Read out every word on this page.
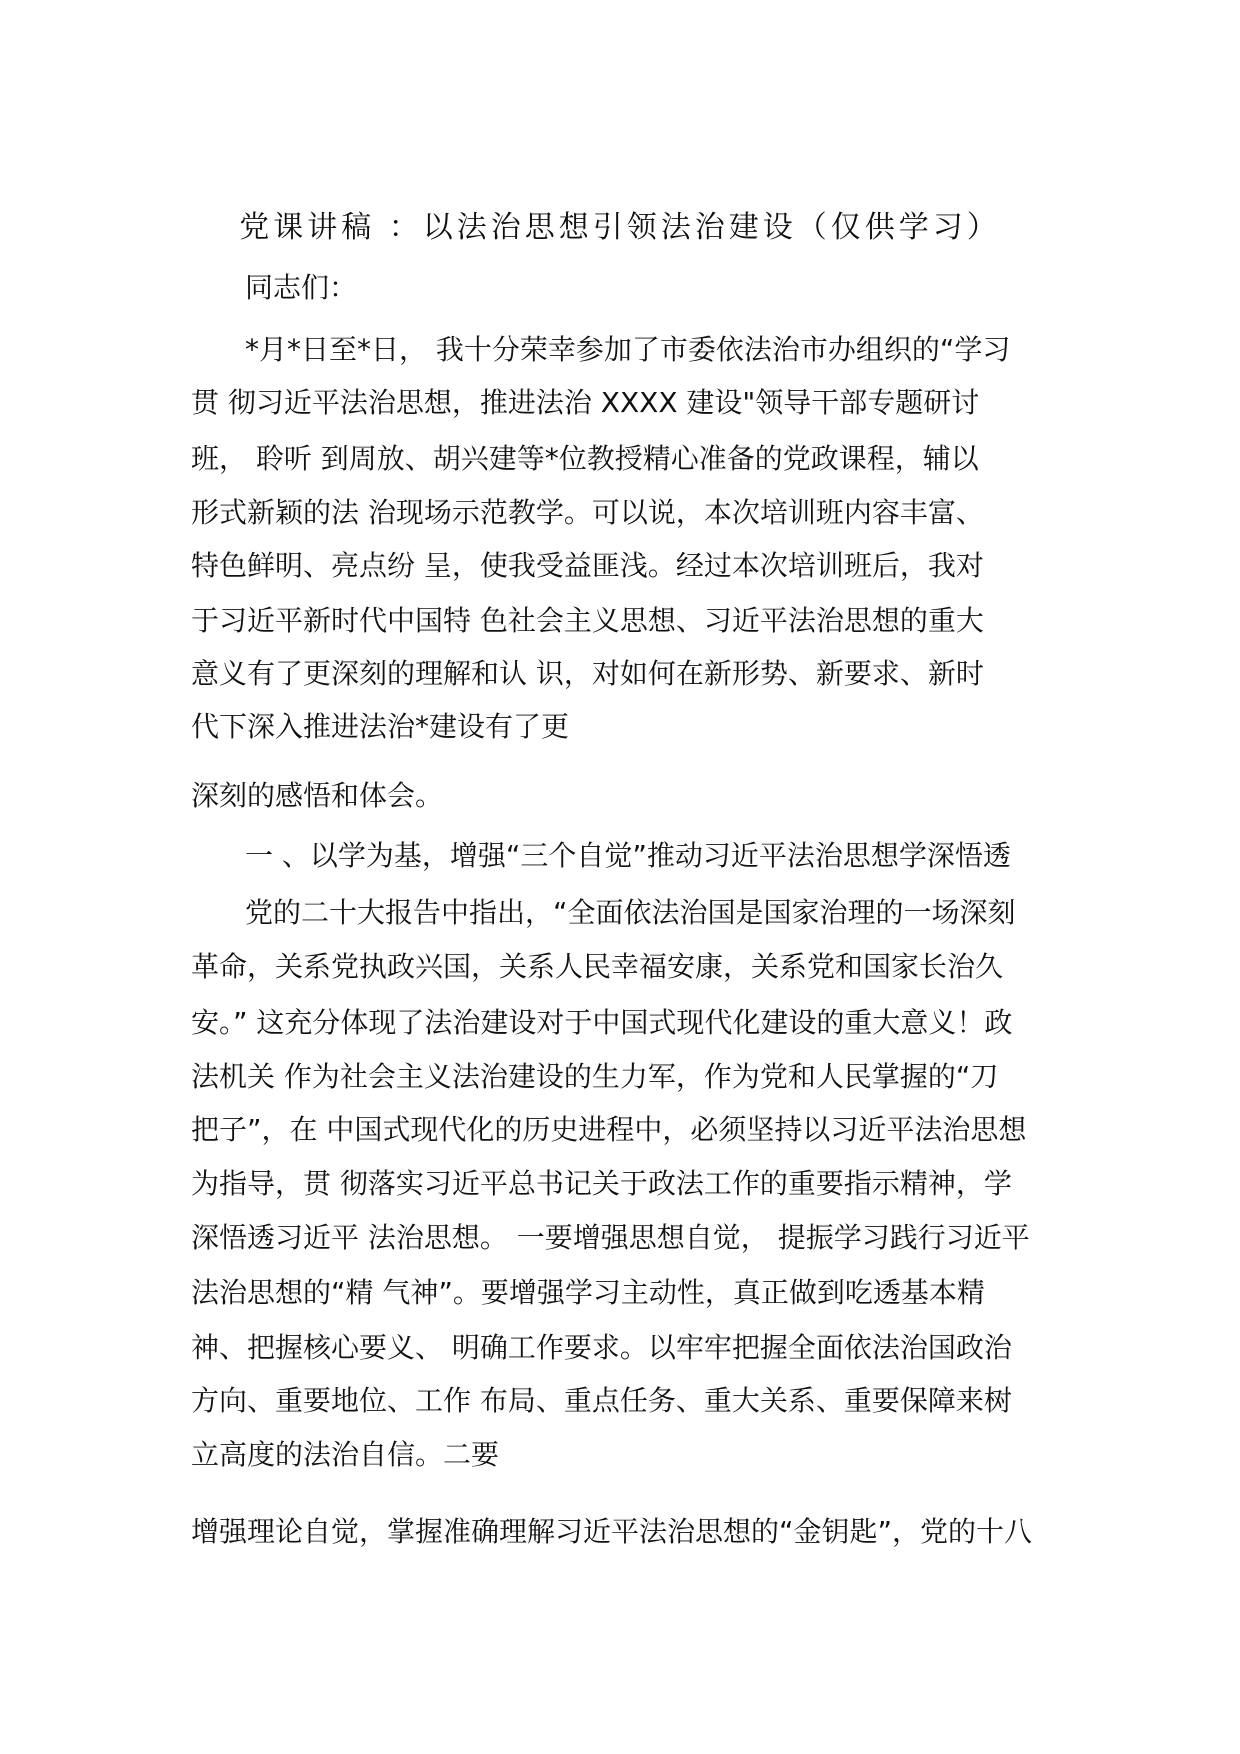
党课讲稿 ：以法治思想引领法治建设（仅供学习）
同志们：
*月*日至*日， 我十分荣幸参加了市委依法治市办组织的“学习
贯 彻习近平法治思想，推进法治 XXXX 建设"领导干部专题研讨
班， 聆听 到周放、胡兴建等*位教授精心准备的党政课程，辅以
形式新颖的法 治现场示范教学。可以说，本次培训班内容丰富、
特色鲜明、亮点纷 呈，使我受益匪浅。经过本次培训班后，我对
于习近平新时代中国特 色社会主义思想、习近平法治思想的重大
意义有了更深刻的理解和认 识，对如何在新形势、新要求、新时
代下深入推进法治*建设有了更
深刻的感悟和体会。
一 、以学为基，增强“三个自觉”推动习近平法治思想学深悟透
党的二十大报告中指出，“全面依法治国是国家治理的一场深刻
革命，关系党执政兴国，关系人民幸福安康，关系党和国家长治久
安。” 这充分体现了法治建设对于中国式现代化建设的重大意义！政
法机关 作为社会主义法治建设的生力军，作为党和人民掌握的“刀
把子”，在 中国式现代化的历史进程中，必须坚持以习近平法治思想
为指导，贯 彻落实习近平总书记关于政法工作的重要指示精神，学
深悟透习近平 法治思想。 一要增强思想自觉， 提振学习践行习近平
法治思想的“精 气神”。要增强学习主动性，真正做到吃透基本精
神、把握核心要义、 明确工作要求。以牢牢把握全面依法治国政治
方向、重要地位、工作 布局、重点任务、重大关系、重要保障来树
立高度的法治自信。二要
增强理论自觉，掌握准确理解习近平法治思想的“金钥匙”，党的十八
